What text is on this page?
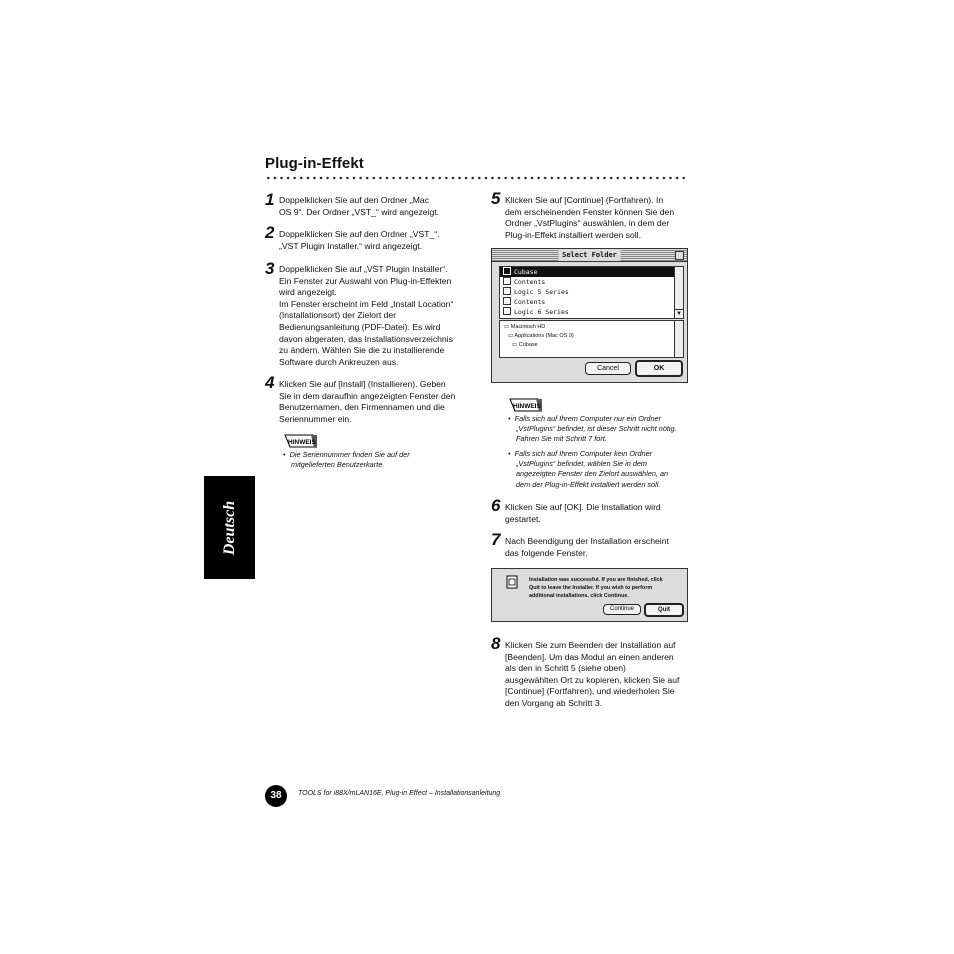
Plug-in-Effekt
Deutsch
1 Doppelklicken Sie auf den Ordner „Mac
OS 9“. Der Ordner „VST_“ wird angezeigt.
2 Doppelklicken Sie auf den Ordner „VST_“.
„VST Plugin Installer.“ wird angezeigt.
3 Doppelklicken Sie auf „VST Plugin Installer“.
Ein Fenster zur Auswahl von Plug-in-Effekten
wird angezeigt.
Im Fenster erscheint im Feld „Install Location“
(Installationsort) der Zielort der
Bedienungsanleitung (PDF-Datei). Es wird
davon abgeraten, das Installationsverzeichnis
zu ändern. Wählen Sie die zu installierende
Software durch Ankreuzen aus.
4 Klicken Sie auf [Install] (Installieren). Geben
Sie in dem daraufhin angezeigten Fenster den
Benutzernamen, den Firmennamen und die
Seriennummer ein.
HINWEIS
•  Die Seriennummer finden Sie auf der
mitgelieferten Benutzerkarte.
5 Klicken Sie auf [Continue] (Fortfahren). In
dem erscheinenden Fenster können Sie den
Ordner „VstPlugins“ auswählen, in dem der
Plug-in-Effekt installiert werden soll.
Select Folder
Cubase
Contents
Logic 5 Series
Contents
Logic 6 Series	▼
▭ Macintosh HD
▭ Applications (Mac OS 9)
▭ Cubase
Cancel	OK
HINWEIS
•  Falls sich auf Ihrem Computer nur ein Ordner
„VstPlugins“ befindet, ist dieser Schritt nicht nötig.
Fahren Sie mit Schritt 7 fort.
•  Falls sich auf Ihrem Computer kein Ordner
„VstPlugins“ befindet, wählen Sie in dem
angezeigten Fenster den Zielort auswählen, an
dem der Plug-in-Effekt installiert werden soll.
6 Klicken Sie auf [OK]. Die Installation wird
gestartet.
7 Nach Beendigung der Installation erscheint
das folgende Fenster.
Installation was successful. If you are finished, click
Quit to leave the Installer. If you wish to perform
additional installations, click Continue.
Continue	Quit
8 Klicken Sie zum Beenden der Installation auf
[Beenden]. Um das Modul an einen anderen
als den in Schritt 5 (siehe oben)
ausgewählten Ort zu kopieren, klicken Sie auf
[Continue] (Fortfahren), und wiederholen Sie
den Vorgang ab Schritt 3.
38	TOOLS for i88X/mLAN16E, Plug-in Effect – Installationsanleitung
